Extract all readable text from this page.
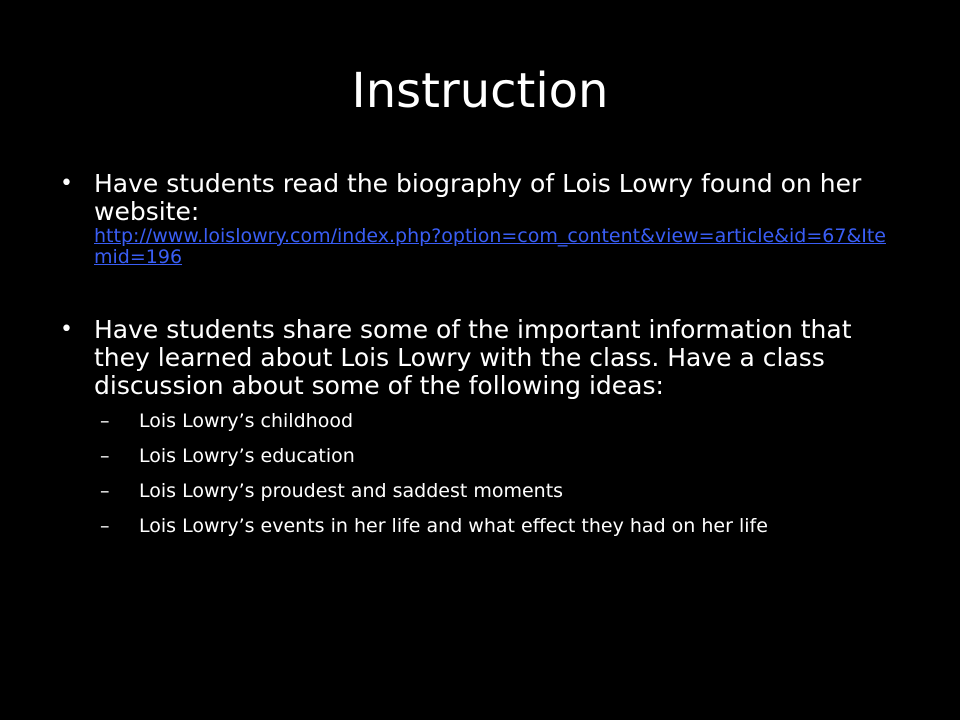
Instruction
• Have students read the biography of Lois Lowry found on her website:
http://www.loislowry.com/index.php?option=com_content&view=article&id=67&Itemid=196
• Have students share some of the important information that they learned about Lois Lowry with the class. Have a class discussion about some of the following ideas:
– Lois Lowry’s childhood
– Lois Lowry’s education
– Lois Lowry’s proudest and saddest moments
– Lois Lowry’s events in her life and what effect they had on her life
